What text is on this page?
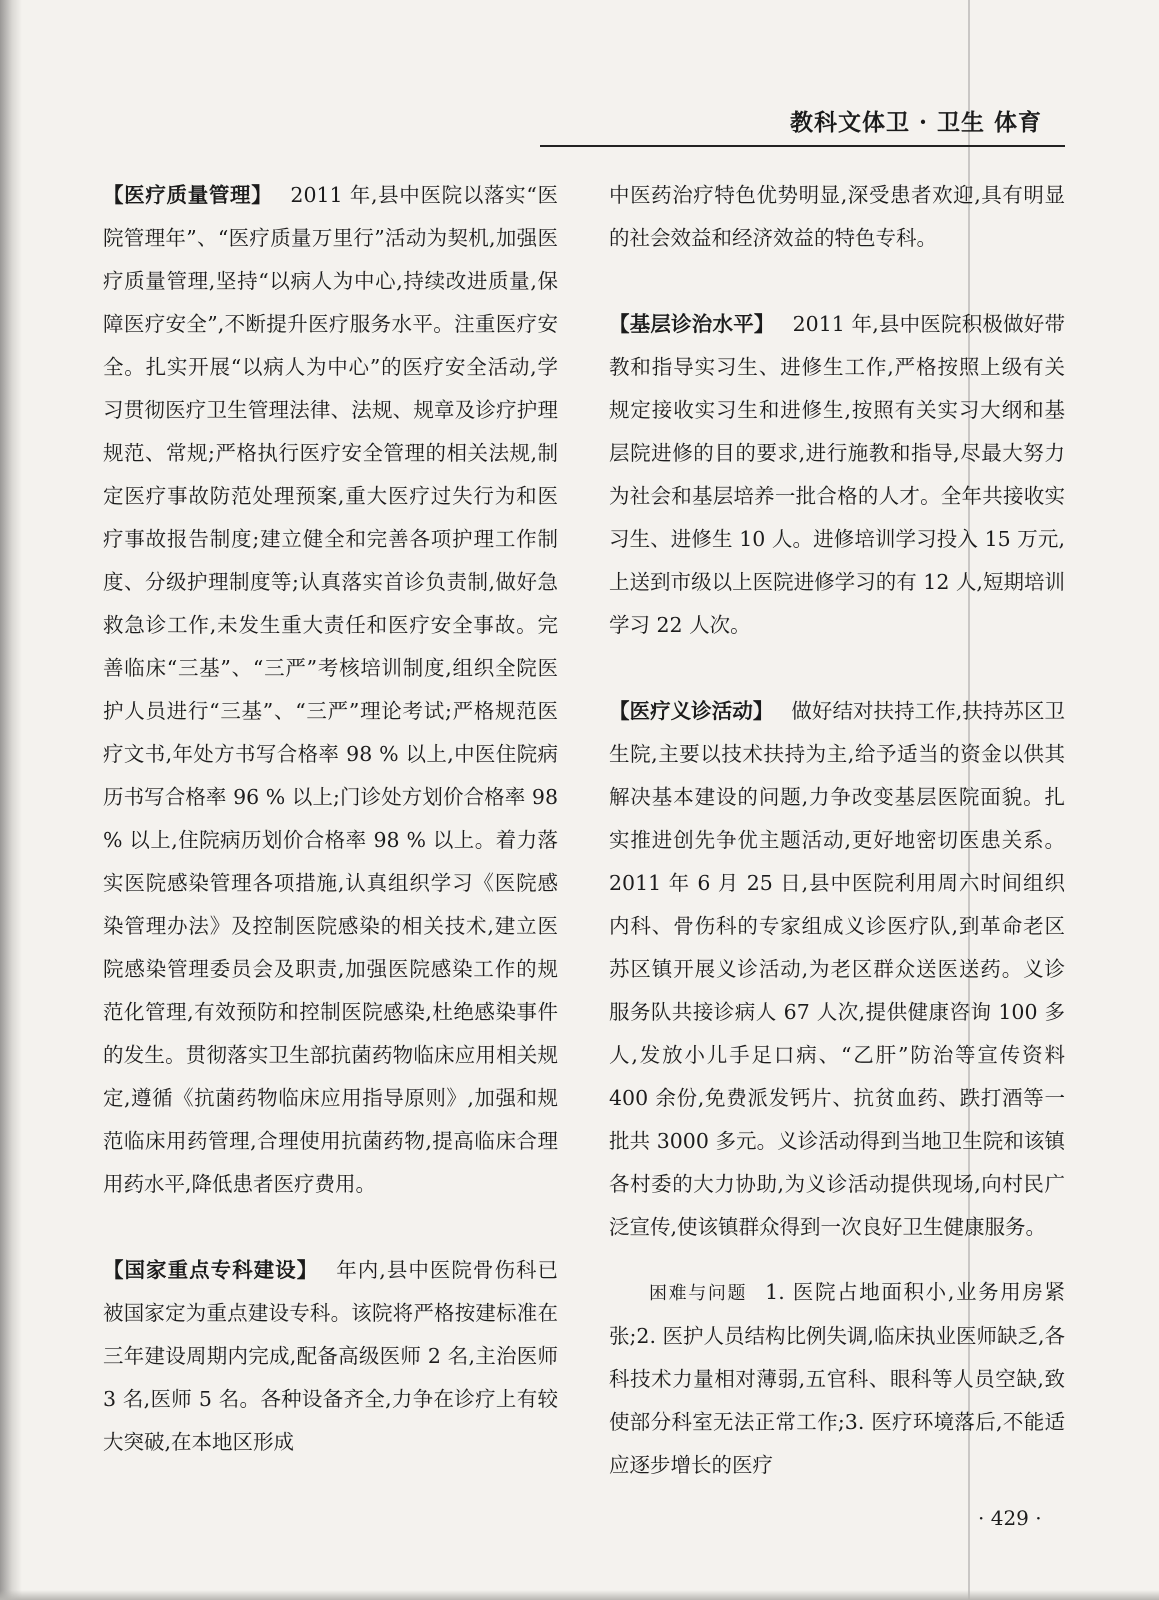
教科文体卫 · 卫生 体育

【医疗质量管理】 2011 年,县中医院以落实“医院管理年”、“医疗质量万里行”活动为契机,加强医疗质量管理,坚持“以病人为中心,持续改进质量,保障医疗安全”,不断提升医疗服务水平。注重医疗安全。扎实开展“以病人为中心”的医疗安全活动,学习贯彻医疗卫生管理法律、法规、规章及诊疗护理规范、常规;严格执行医疗安全管理的相关法规,制定医疗事故防范处理预案,重大医疗过失行为和医疗事故报告制度;建立健全和完善各项护理工作制度、分级护理制度等;认真落实首诊负责制,做好急救急诊工作,未发生重大责任和医疗安全事故。完善临床“三基”、“三严”考核培训制度,组织全院医护人员进行“三基”、“三严”理论考试;严格规范医疗文书,年处方书写合格率 98 % 以上,中医住院病历书写合格率 96 % 以上;门诊处方划价合格率 98 % 以上,住院病历划价合格率 98 % 以上。着力落实医院感染管理各项措施,认真组织学习《医院感染管理办法》及控制医院感染的相关技术,建立医院感染管理委员会及职责,加强医院感染工作的规范化管理,有效预防和控制医院感染,杜绝感染事件的发生。贯彻落实卫生部抗菌药物临床应用相关规定,遵循《抗菌药物临床应用指导原则》,加强和规范临床用药管理,合理使用抗菌药物,提高临床合理用药水平,降低患者医疗费用。

【国家重点专科建设】 年内,县中医院骨伤科已被国家定为重点建设专科。该院将严格按建标准在三年建设周期内完成,配备高级医师 2 名,主治医师 3 名,医师 5 名。各种设备齐全,力争在诊疗上有较大突破,在本地区形成

中医药治疗特色优势明显,深受患者欢迎,具有明显的社会效益和经济效益的特色专科。

【基层诊治水平】 2011 年,县中医院积极做好带教和指导实习生、进修生工作,严格按照上级有关规定接收实习生和进修生,按照有关实习大纲和基层院进修的目的要求,进行施教和指导,尽最大努力为社会和基层培养一批合格的人才。全年共接收实习生、进修生 10 人。进修培训学习投入 15 万元,上送到市级以上医院进修学习的有 12 人,短期培训学习 22 人次。

【医疗义诊活动】 做好结对扶持工作,扶持苏区卫生院,主要以技术扶持为主,给予适当的资金以供其解决基本建设的问题,力争改变基层医院面貌。扎实推进创先争优主题活动,更好地密切医患关系。2011 年 6 月 25 日,县中医院利用周六时间组织内科、骨伤科的专家组成义诊医疗队,到革命老区苏区镇开展义诊活动,为老区群众送医送药。义诊服务队共接诊病人 67 人次,提供健康咨询 100 多人,发放小儿手足口病、“乙肝”防治等宣传资料 400 余份,免费派发钙片、抗贫血药、跌打酒等一批共 3000 多元。义诊活动得到当地卫生院和该镇各村委的大力协助,为义诊活动提供现场,向村民广泛宣传,使该镇群众得到一次良好卫生健康服务。

困难与问题 1. 医院占地面积小,业务用房紧张;2. 医护人员结构比例失调,临床执业医师缺乏,各科技术力量相对薄弱,五官科、眼科等人员空缺,致使部分科室无法正常工作;3. 医疗环境落后,不能适应逐步增长的医疗

· 429 ·
